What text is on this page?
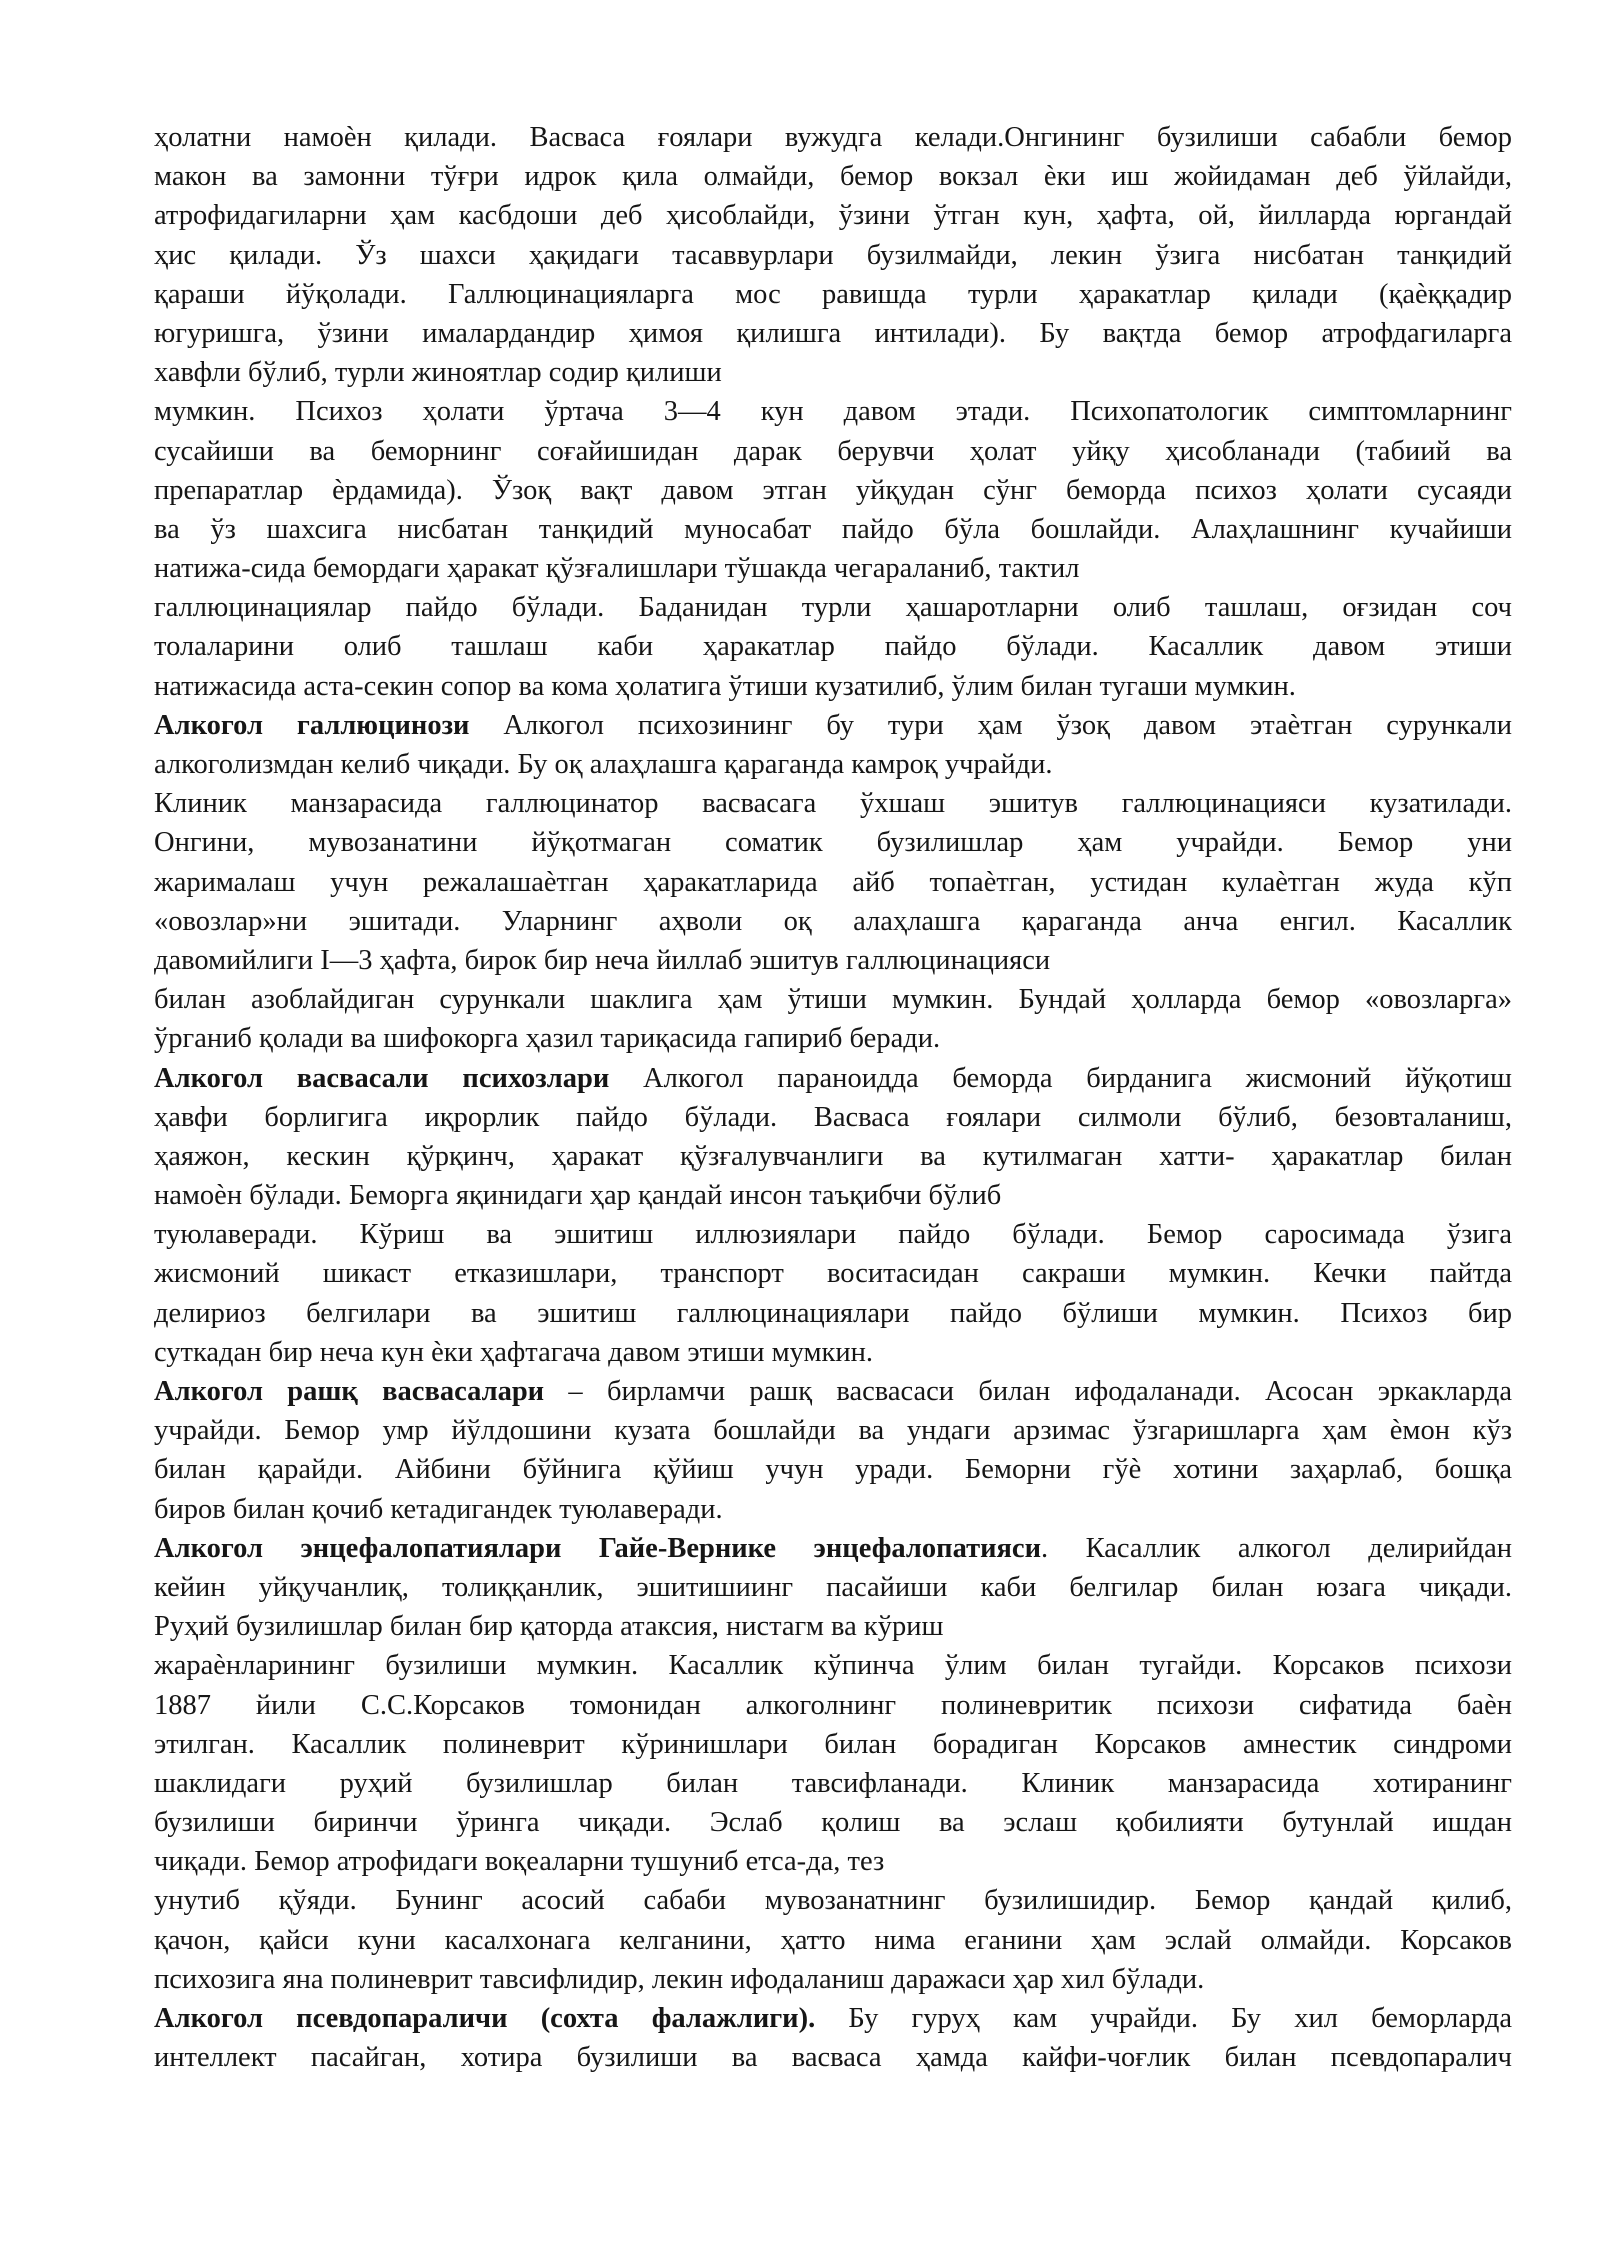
ҳолатни намоѐн қилади. Васваса ғоялари вужудга келади.Онгининг бузилиши сабабли бемор
макон ва замонни тўғри идрок қила олмайди, бемор вокзал ѐки иш жойидаман деб ўйлайди,
атрофидагиларни ҳам касбдоши деб ҳисоблайди, ўзини ўтган кун, ҳафта, ой, йилларда юргандай
ҳис қилади. Ўз шахси ҳақидаги тасаввурлари бузилмайди, лекин ўзига нисбатан танқидий
қараши йўқолади. Галлюцинацияларга мос равишда турли ҳаракатлар қилади (қаѐққадир
югуришга, ўзини ималардандир ҳимоя қилишга интилади). Бу вақтда бемор атрофдагиларга
хавфли бўлиб, турли жиноятлар содир қилиши
мумкин. Психоз ҳолати ўртача 3—4 кун давом этади. Психопатологик симптомларнинг
сусайиши ва беморнинг соғайишидан дарак берувчи ҳолат уйқу ҳисобланади (табиий ва
препаратлар ѐрдамида). Ўзоқ вақт давом этган уйқудан сўнг беморда психоз ҳолати сусаяди
ва ўз шахсига нисбатан танқидий муносабат пайдо бўла бошлайди. Алаҳлашнинг кучайиши
натижа-сида бемордаги ҳаракат қўзғалишлари тўшакда чегараланиб, тактил
галлюцинациялар пайдо бўлади. Баданидан турли ҳашаротларни олиб ташлаш, оғзидан соч
толаларини олиб ташлаш каби ҳаракатлар пайдо бўлади. Касаллик давом этиши
натижасида аста-секин сопор ва кома ҳолатига ўтиши кузатилиб, ўлим билан тугаши мумкин.
Алкогол галлюцинози Алкогол психозининг бу тури ҳам ўзоқ давом этаѐтган сурункали
алкоголизмдан келиб чиқади. Бу оқ алаҳлашга қараганда камроқ учрайди.
Клиник манзарасида галлюцинатор васвасага ўхшаш эшитув галлюцинацияси кузатилади.
Онгини, мувозанатини йўқотмаган соматик бузилишлар ҳам учрайди. Бемор уни
жарималаш учун режалашаѐтган ҳаракатларида айб топаѐтган, устидан кулаѐтган жуда кўп
«овозлар»ни эшитади. Уларнинг аҳволи оқ алаҳлашга қараганда анча енгил. Касаллик
давомийлиги I—3 ҳафта, бирок бир неча йиллаб эшитув галлюцинацияси
билан азоблайдиган сурункали шаклига ҳам ўтиши мумкин. Бундай ҳолларда бемор «овозларга»
ўрганиб қолади ва шифокорга ҳазил тариқасида гапириб беради.
Алкогол васвасали психозлари Алкогол параноидда беморда бирданига жисмоний йўқотиш
ҳавфи борлигига иқрорлик пайдо бўлади. Васваса ғоялари силмоли бўлиб, безовталаниш,
ҳаяжон, кескин қўрқинч, ҳаракат қўзғалувчанлиги ва кутилмаган хатти- ҳаракатлар билан
намоѐн бўлади. Беморга яқинидаги ҳар қандай инсон таъқибчи бўлиб
туюлаверади. Кўриш ва эшитиш иллюзиялари пайдо бўлади. Бемор саросимада ўзига
жисмоний шикаст етказишлари, транспорт воситасидан сакраши мумкин. Кечки пайтда
делириоз белгилари ва эшитиш галлюцинациялари пайдо бўлиши мумкин. Психоз бир
суткадан бир неча кун ѐки ҳафтагача давом этиши мумкин.
Алкогол рашқ васвасалари – бирламчи рашқ васвасаси билан ифодаланади. Асосан эркакларда
учрайди. Бемор умр йўлдошини кузата бошлайди ва ундаги арзимас ўзгаришларга ҳам ѐмон кўз
билан қарайди. Айбини бўйнига қўйиш учун уради. Беморни гўѐ хотини заҳарлаб, бошқа
биров билан қочиб кетадигандек туюлаверади.
Алкогол энцефалопатиялари Гайе-Вернике энцефалопатияси. Касаллик алкогол делирийдан
кейин уйқучанлиқ, толиққанлик, эшитишиинг пасайиши каби белгилар билан юзага чиқади.
Руҳий бузилишлар билан бир қаторда атаксия, нистагм ва кўриш
жараѐнларининг бузилиши мумкин. Касаллик кўпинча ўлим билан тугайди. Корсаков психози
1887 йили С.С.Корсаков томонидан алкоголнинг полиневритик психози сифатида баѐн
этилган. Касаллик полиневрит кўринишлари билан борадиган Корсаков амнестик синдроми
шаклидаги руҳий бузилишлар билан тавсифланади. Клиник манзарасида хотиранинг
бузилиши биринчи ўринга чиқади. Эслаб қолиш ва эслаш қобилияти бутунлай ишдан
чиқади. Бемор атрофидаги воқеаларни тушуниб етса-да, тез
унутиб қўяди. Бунинг асосий сабаби мувозанатнинг бузилишидир. Бемор қандай қилиб,
қачон, қайси куни касалхонага келганини, ҳатто нима еганини ҳам эслай олмайди. Корсаков
психозига яна полиневрит тавсифлидир, лекин ифодаланиш даражаси ҳар хил бўлади.
Алкогол псевдопараличи (сохта фалажлиги). Бу гуруҳ кам учрайди. Бу хил беморларда
интеллект пасайган, хотира бузилиши ва васваса ҳамда кайфи-чоғлик билан псевдопаралич
